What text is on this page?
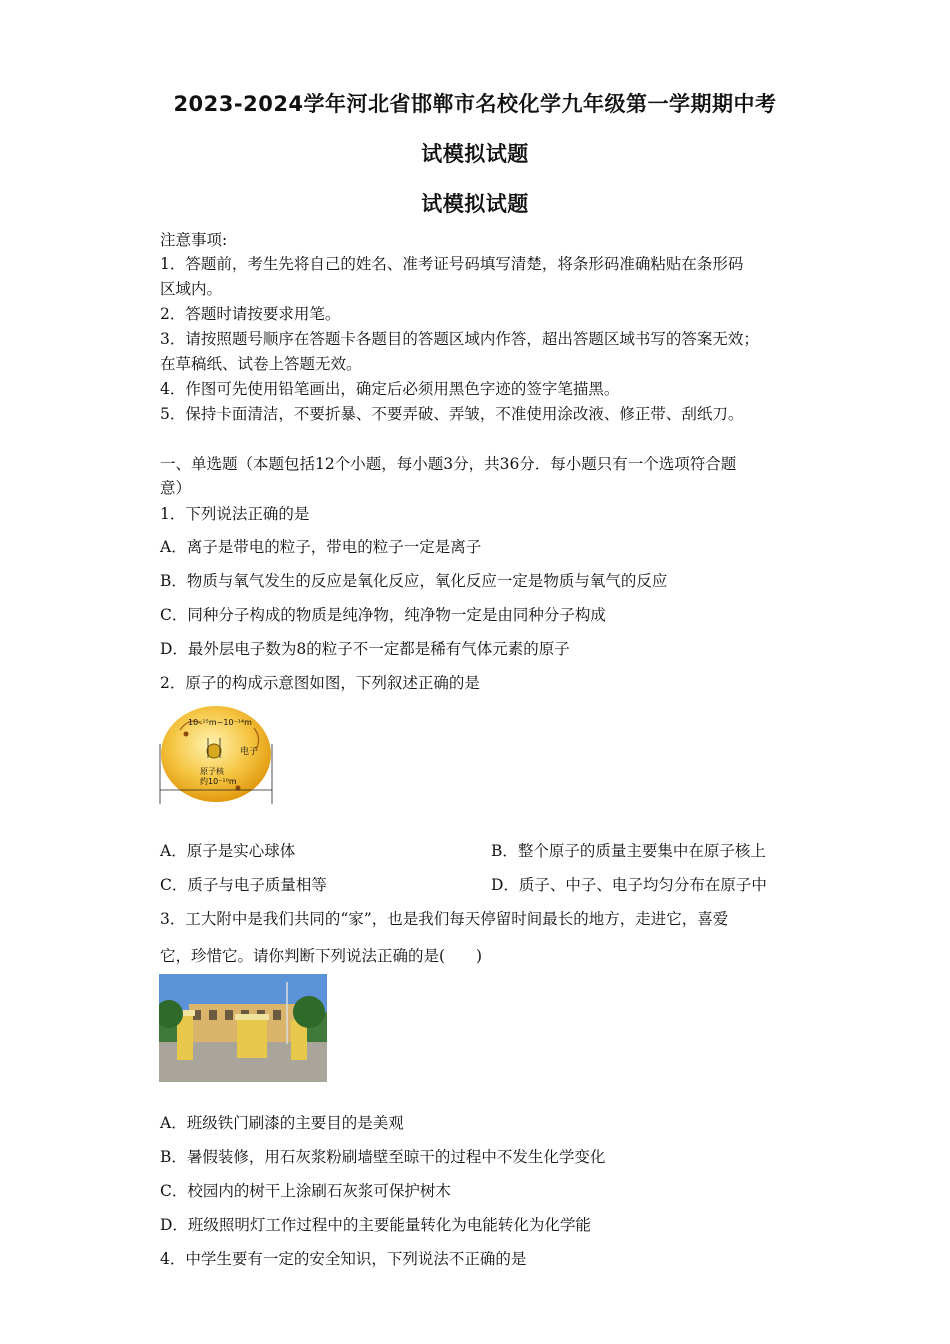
2023-2024学年河北省邯郸市名校化学九年级第一学期期中考
试模拟试题
试模拟试题
注意事项:
1．答题前，考生先将自己的姓名、准考证号码填写清楚，将条形码准确粘贴在条形码
区域内。
2．答题时请按要求用笔。
3．请按照题号顺序在答题卡各题目的答题区域内作答，超出答题区域书写的答案无效；
在草稿纸、试卷上答题无效。
4．作图可先使用铅笔画出，确定后必须用黑色字迹的签字笔描黑。
5．保持卡面清洁，不要折暴、不要弄破、弄皱，不准使用涂改液、修正带、刮纸刀。
一、单选题（本题包括12个小题，每小题3分，共36分．每小题只有一个选项符合题
意）
1．下列说法正确的是
A．离子是带电的粒子，带电的粒子一定是离子
B．物质与氧气发生的反应是氧化反应，氧化反应一定是物质与氧气的反应
C．同种分子构成的物质是纯净物，纯净物一定是由同种分子构成
D．最外层电子数为8的粒子不一定都是稀有气体元素的原子
2．原子的构成示意图如图，下列叙述正确的是
10⁻¹⁵m~10⁻¹⁴m
电子
原子核
约10⁻¹⁰m
A．原子是实心球体	B．整个原子的质量主要集中在原子核上
C．质子与电子质量相等	D．质子、中子、电子均匀分布在原子中
3．工大附中是我们共同的“家”，也是我们每天停留时间最长的地方，走进它，喜爱
它，珍惜它。请你判断下列说法正确的是(　　)
A．班级铁门刷漆的主要目的是美观
B．暑假装修，用石灰浆粉刷墙壁至晾干的过程中不发生化学变化
C．校园内的树干上涂刷石灰浆可保护树木
D．班级照明灯工作过程中的主要能量转化为电能转化为化学能
4．中学生要有一定的安全知识，下列说法不正确的是
